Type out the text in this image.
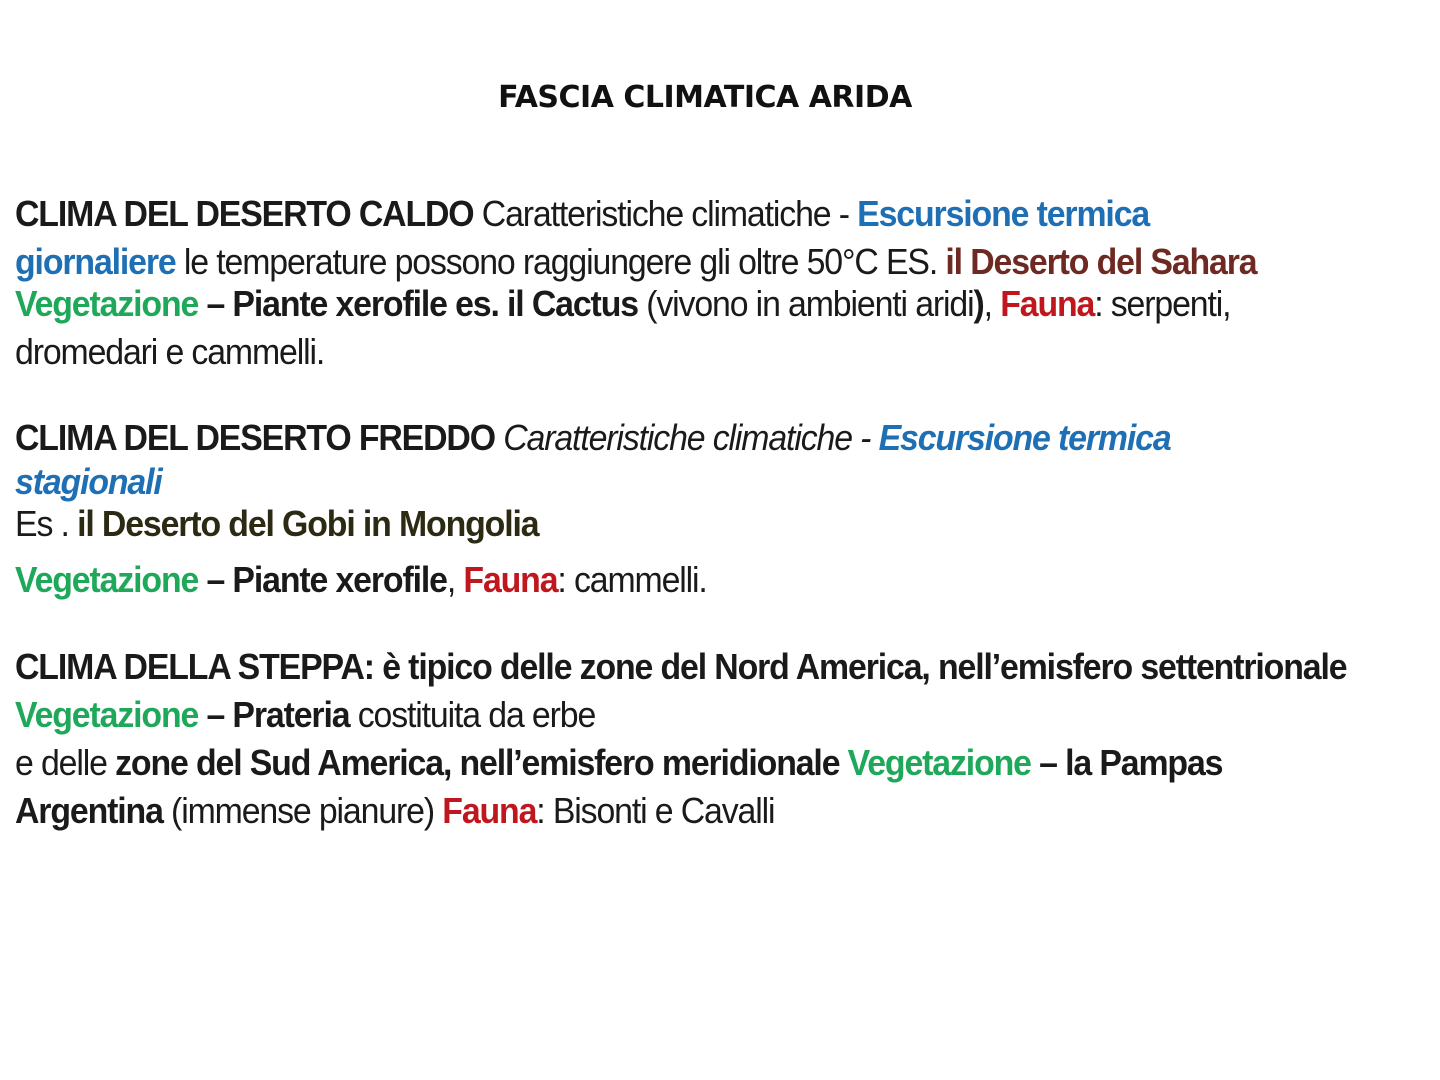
FASCIA CLIMATICA ARIDA
CLIMA DEL DESERTO CALDO Caratteristiche climatiche - Escursione termica
giornaliere le temperature possono raggiungere gli oltre 50°C ES. il Deserto del Sahara
Vegetazione – Piante xerofile es. il Cactus (vivono in ambienti aridi), Fauna: serpenti,
dromedari e cammelli.
CLIMA DEL DESERTO FREDDO Caratteristiche climatiche - Escursione termica
stagionali
Es . il Deserto del Gobi in Mongolia
Vegetazione – Piante xerofile, Fauna: cammelli.
CLIMA DELLA STEPPA: è tipico delle zone del Nord America, nell’emisfero settentrionale
Vegetazione – Prateria costituita da erbe
e delle zone del Sud America, nell’emisfero meridionale Vegetazione – la Pampas
Argentina (immense pianure) Fauna: Bisonti e Cavalli
